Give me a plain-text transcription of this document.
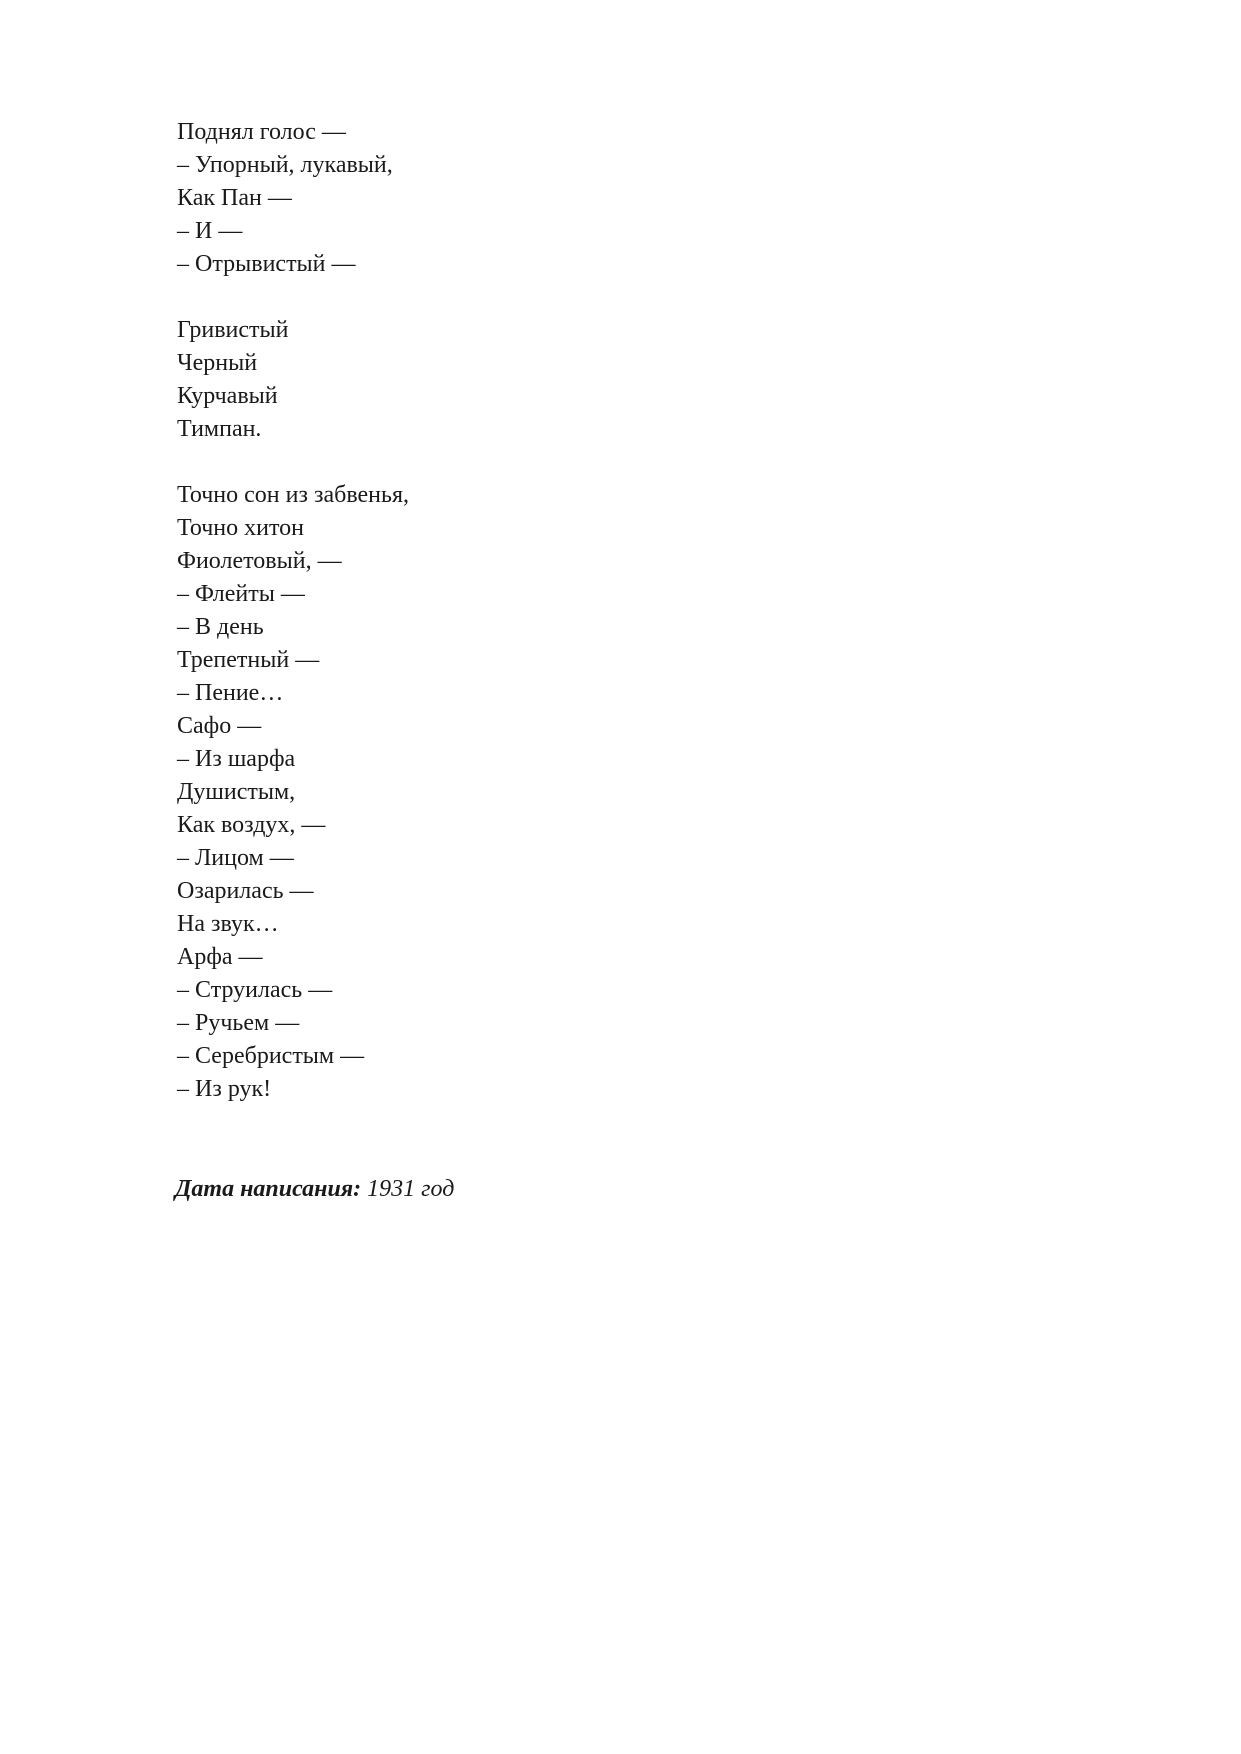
Поднял голос —
– Упорный, лукавый,
Как Пан —
– И —
– Отрывистый —
Гривистый
Черный
Курчавый
Тимпан.
Точно сон из забвенья,
Точно хитон
Фиолетовый, —
– Флейты —
– В день
Трепетный —
– Пение…
Сафо —
– Из шарфа
Душистым,
Как воздух, —
– Лицом —
Озарилась —
На звук…
Арфа —
– Струилась —
– Ручьем —
– Серебристым —
– Из рук!
Дата написания: 1931 год
